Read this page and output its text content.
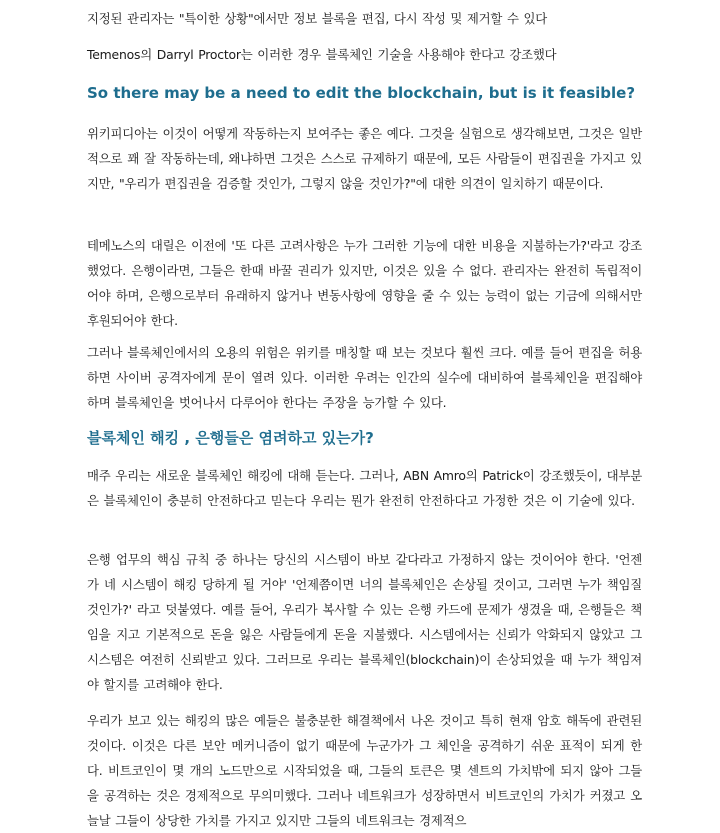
지정된 관리자는 "특이한 상황"에서만 정보 블록을 편집, 다시 작성 및 제거할 수 있다

Temenos의 Darryl Proctor는 이러한 경우 블록체인 기술을 사용해야 한다고 강조했다

So there may be a need to edit the blockchain, but is it feasible?

위키피디아는 이것이 어떻게 작동하는지 보여주는 좋은 예다. 그것을 실험으로 생각해보면, 그것은 일반적으로 꽤 잘 작동하는데, 왜냐하면 그것은 스스로 규제하기 때문에, 모든 사람들이 편집권을 가지고 있지만, "우리가 편집권을 검증할 것인가, 그렇지 않을 것인가?"에 대한 의견이 일치하기 때문이다.

테메노스의 대릴은 이전에 '또 다른 고려사항은 누가 그러한 기능에 대한 비용을 지불하는가?'라고 강조했었다. 은행이라면, 그들은 한때 바꿀 권리가 있지만, 이것은 있을 수 없다. 관리자는 완전히 독립적이어야 하며, 은행으로부터 유래하지 않거나 변동사항에 영향을 줄 수 있는 능력이 없는 기금에 의해서만 후원되어야 한다.

그러나 블록체인에서의 오용의 위험은 위키를 매칭할 때 보는 것보다 훨씬 크다. 예를 들어 편집을 허용하면 사이버 공격자에게 문이 열려 있다. 이러한 우려는 인간의 실수에 대비하여 블록체인을 편집해야 하며 블록체인을 벗어나서 다루어야 한다는 주장을 능가할 수 있다.

블록체인 해킹 , 은행들은 염려하고 있는가?

매주 우리는 새로운 블록체인 해킹에 대해 듣는다. 그러나, ABN Amro의 Patrick이 강조했듯이, 대부분은 블록체인이 충분히 안전하다고 믿는다 우리는 뭔가 완전히 안전하다고 가정한 것은 이 기술에 있다.

은행 업무의 핵심 규칙 중 하나는 당신의 시스템이 바보 같다라고 가정하지 않는 것이어야 한다. '언젠가 네 시스템이 해킹 당하게 될 거야' '언제쯤이면 너의 블록체인은 손상될 것이고, 그러면 누가 책임질 것인가?' 라고 덧붙였다. 예를 들어, 우리가 복사할 수 있는 은행 카드에 문제가 생겼을 때, 은행들은 책임을 지고 기본적으로 돈을 잃은 사람들에게 돈을 지불했다. 시스템에서는 신뢰가 악화되지 않았고 그 시스템은 여전히 신뢰받고 있다. 그러므로 우리는 블록체인(blockchain)이 손상되었을 때 누가 책임져야 할지를 고려해야 한다.

우리가 보고 있는 해킹의 많은 예들은 불충분한 해결책에서 나온 것이고 특히 현재 암호 해독에 관련된 것이다. 이것은 다른 보안 메커니즘이 없기 때문에 누군가가 그 체인을 공격하기 쉬운 표적이 되게 한다. 비트코인이 몇 개의 노드만으로 시작되었을 때, 그들의 토큰은 몇 센트의 가치밖에 되지 않아 그들을 공격하는 것은 경제적으로 무의미했다. 그러나 네트워크가 성장하면서 비트코인의 가치가 커졌고 오늘날 그들이 상당한 가치를 가지고 있지만 그들의 네트워크는 경제적으
